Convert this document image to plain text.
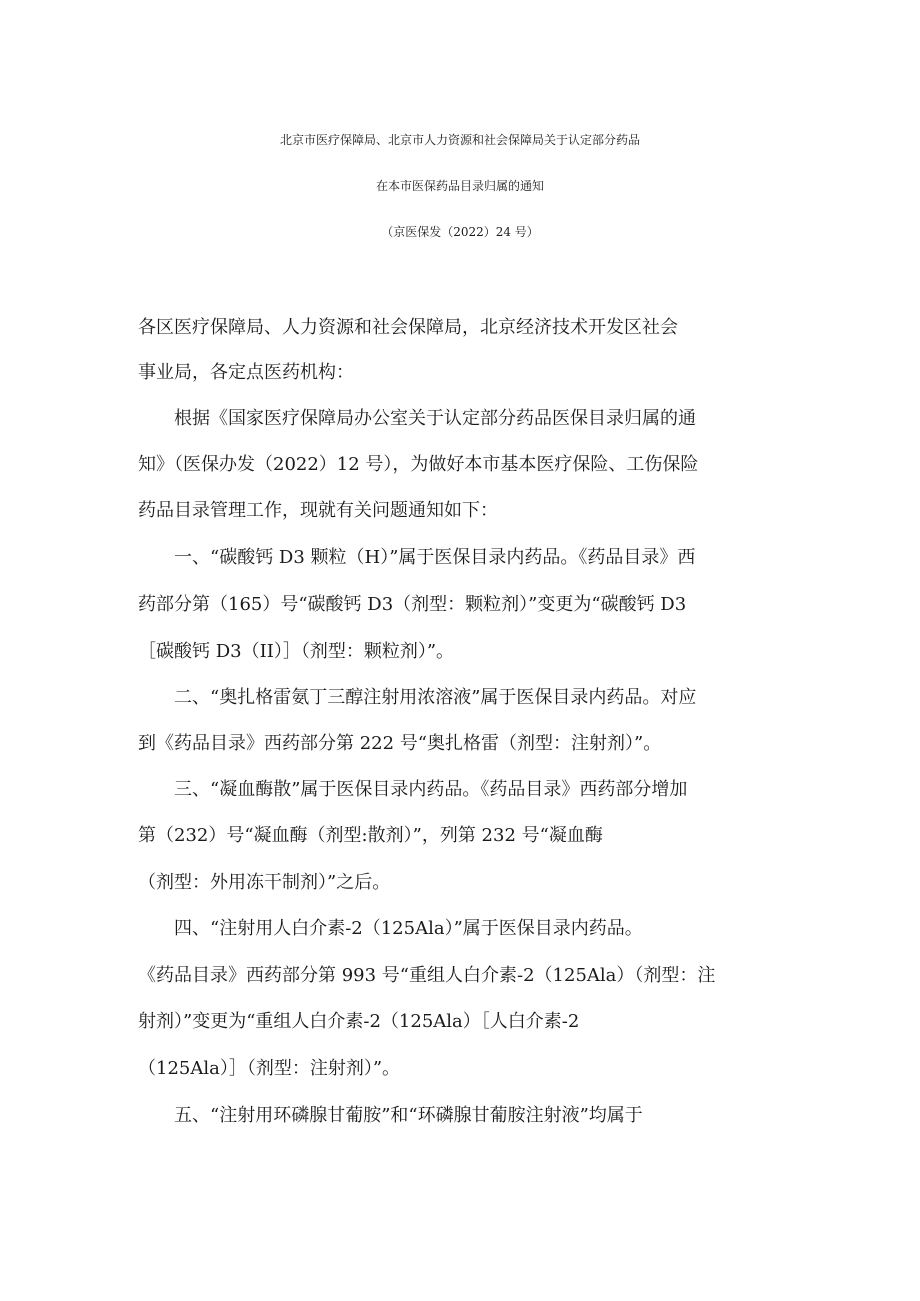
北京市医疗保障局、北京市人力资源和社会保障局关于认定部分药品
在本市医保药品目录归属的通知
（京医保发（2022）24 号）
各区医疗保障局、人力资源和社会保障局，北京经济技术开发区社会
事业局，各定点医药机构：
根据《国家医疗保障局办公室关于认定部分药品医保目录归属的通
知》（医保办发（2022）12 号），为做好本市基本医疗保险、工伤保险
药品目录管理工作，现就有关问题通知如下：
一、“碳酸钙 D3 颗粒（H）”属于医保目录内药品。《药品目录》西
药部分第（165）号“碳酸钙 D3（剂型：颗粒剂）”变更为“碳酸钙 D3
［碳酸钙 D3（II）］（剂型：颗粒剂）”。
二、“奥扎格雷氨丁三醇注射用浓溶液”属于医保目录内药品。对应
到《药品目录》西药部分第 222 号“奥扎格雷（剂型：注射剂）”。
三、“凝血酶散”属于医保目录内药品。《药品目录》西药部分增加
第（232）号“凝血酶（剂型:散剂）”，列第 232 号“凝血酶
（剂型：外用冻干制剂）”之后。
四、“注射用人白介素-2（125Ala）”属于医保目录内药品。
《药品目录》西药部分第 993 号“重组人白介素-2（125Ala）（剂型：注
射剂）”变更为“重组人白介素-2（125Ala）［人白介素-2
（125Ala）］（剂型：注射剂）”。
五、“注射用环磷腺甘葡胺”和“环磷腺甘葡胺注射液”均属于
